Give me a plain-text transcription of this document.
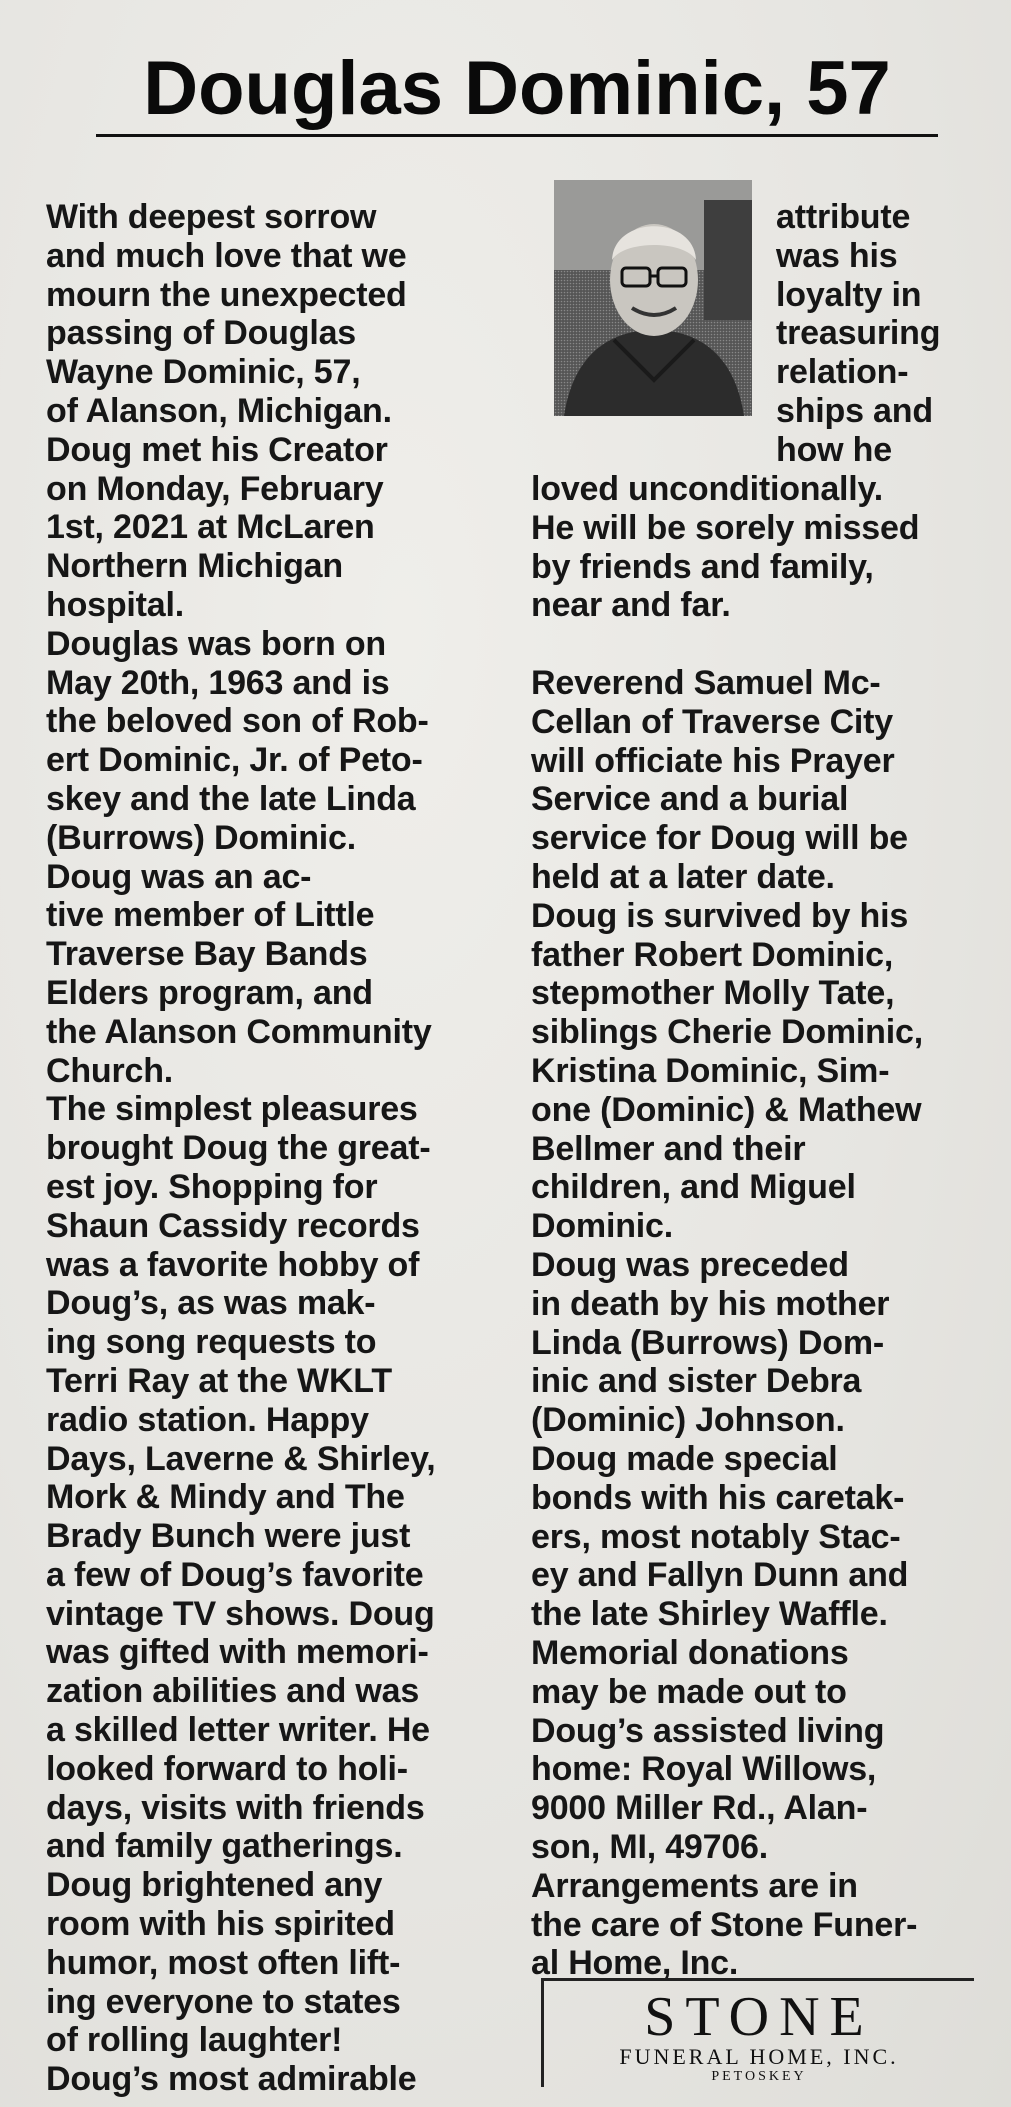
Douglas Dominic, 57
With deepest sorrow
and much love that we
mourn the unexpected
passing of Douglas
Wayne Dominic, 57,
of Alanson, Michigan.
Doug met his Creator
on Monday, February
1st, 2021 at McLaren
Northern Michigan
hospital.
Douglas was born on
May 20th, 1963 and is
the beloved son of Rob-
ert Dominic, Jr. of Peto-
skey and the late Linda
(Burrows) Dominic.
Doug was an ac-
tive member of Little
Traverse Bay Bands
Elders program, and
the Alanson Community
Church.
The simplest pleasures
brought Doug the great-
est joy. Shopping for
Shaun Cassidy records
was a favorite hobby of
Doug’s, as was mak-
ing song requests to
Terri Ray at the WKLT
radio station. Happy
Days, Laverne & Shirley,
Mork & Mindy and The
Brady Bunch were just
a few of Doug’s favorite
vintage TV shows. Doug
was gifted with memori-
zation abilities and was
a skilled letter writer. He
looked forward to holi-
days, visits with friends
and family gatherings.
Doug brightened any
room with his spirited
humor, most often lift-
ing everyone to states
of rolling laughter!
Doug’s most admirable
attribute
was his
loyalty in
treasuring
relation-
ships and
how he
loved unconditionally.
He will be sorely missed
by friends and family,
near and far.
Reverend Samuel Mc-
Cellan of Traverse City
will officiate his Prayer
Service and a burial
service for Doug will be
held at a later date.
Doug is survived by his
father Robert Dominic,
stepmother Molly Tate,
siblings Cherie Dominic,
Kristina Dominic, Sim-
one (Dominic) & Mathew
Bellmer and their
children, and Miguel
Dominic.
Doug was preceded
in death by his mother
Linda (Burrows) Dom-
inic and sister Debra
(Dominic) Johnson.
Doug made special
bonds with his caretak-
ers, most notably Stac-
ey and Fallyn Dunn and
the late Shirley Waffle.
Memorial donations
may be made out to
Doug’s assisted living
home: Royal Willows,
9000 Miller Rd., Alan-
son, MI, 49706.
Arrangements are in
the care of Stone Funer-
al Home, Inc.
STONE
FUNERAL HOME, INC.
PETOSKEY
